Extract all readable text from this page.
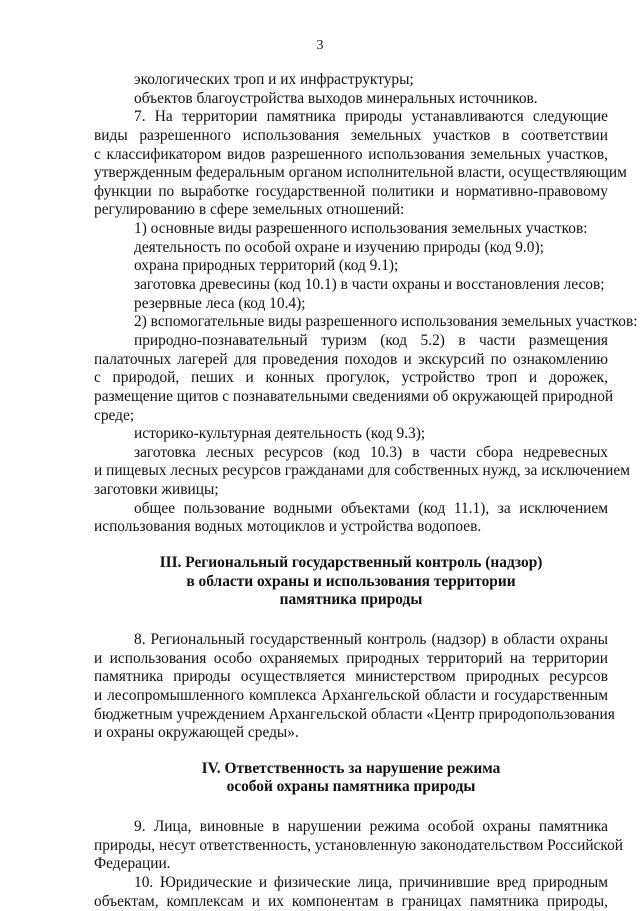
3
экологических троп и их инфраструктуры;
объектов благоустройства выходов минеральных источников.
7. На территории памятника природы устанавливаются следующие
виды разрешенного использования земельных участков в соответствии
с классификатором видов разрешенного использования земельных участков,
утвержденным федеральным органом исполнительной власти, осуществляющим
функции по выработке государственной политики и нормативно-правовому
регулированию в сфере земельных отношений:
1) основные виды разрешенного использования земельных участков:
деятельность по особой охране и изучению природы (код 9.0);
охрана природных территорий (код 9.1);
заготовка древесины (код 10.1) в части охраны и восстановления лесов;
резервные леса (код 10.4);
2) вспомогательные виды разрешенного использования земельных участков:
природно-познавательный туризм (код 5.2) в части размещения
палаточных лагерей для проведения походов и экскурсий по ознакомлению
с природой, пеших и конных прогулок, устройство троп и дорожек,
размещение щитов с познавательными сведениями об окружающей природной
среде;
историко-культурная деятельность (код 9.3);
заготовка лесных ресурсов (код 10.3) в части сбора недревесных
и пищевых лесных ресурсов гражданами для собственных нужд, за исключением
заготовки живицы;
общее пользование водными объектами (код 11.1), за исключением
использования водных мотоциклов и устройства водопоев.
III. Региональный государственный контроль (надзор)
в области охраны и использования территории
памятника природы
8. Региональный государственный контроль (надзор) в области охраны
и использования особо охраняемых природных территорий на территории
памятника природы осуществляется министерством природных ресурсов
и лесопромышленного комплекса Архангельской области и государственным
бюджетным учреждением Архангельской области «Центр природопользования
и охраны окружающей среды».
IV. Ответственность за нарушение режима
особой охраны памятника природы
9. Лица, виновные в нарушении режима особой охраны памятника
природы, несут ответственность, установленную законодательством Российской
Федерации.
10. Юридические и физические лица, причинившие вред природным
объектам, комплексам и их компонентам в границах памятника природы,
